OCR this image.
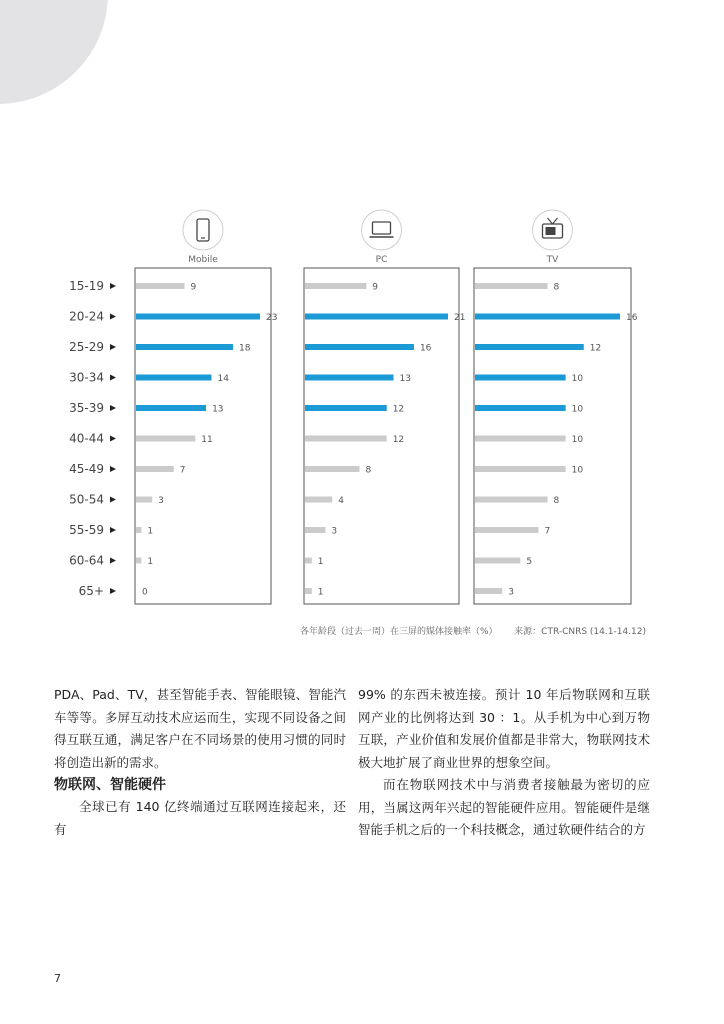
15-19
20-24
25-29
30-34
35-39
40-44
45-49
50-54
55-59
60-64
65+
Mobile
9
23
18
14
13
11
7
3
1
1
0
PC
9
21
16
13
12
12
8
4
3
1
1
TV
8
16
12
10
10
10
10
8
7
5
3
各年龄段（过去一周）在三屏的媒体接触率（%） 来源：CTR-CNRS (14.1-14.12)

PDA、Pad、TV，甚至智能手表、智能眼镜、智能汽车等等。多屏互动技术应运而生，实现不同设备之间得互联互通，满足客户在不同场景的使用习惯的同时将创造出新的需求。

物联网、智能硬件

全球已有 140 亿终端通过互联网连接起来，还有

99% 的东西未被连接。预计 10 年后物联网和互联网产业的比例将达到 30 ：1。从手机为中心到万物互联，产业价值和发展价值都是非常大，物联网技术极大地扩展了商业世界的想象空间。

而在物联网技术中与消费者接触最为密切的应用，当属这两年兴起的智能硬件应用。智能硬件是继智能手机之后的一个科技概念，通过软硬件结合的方

7
